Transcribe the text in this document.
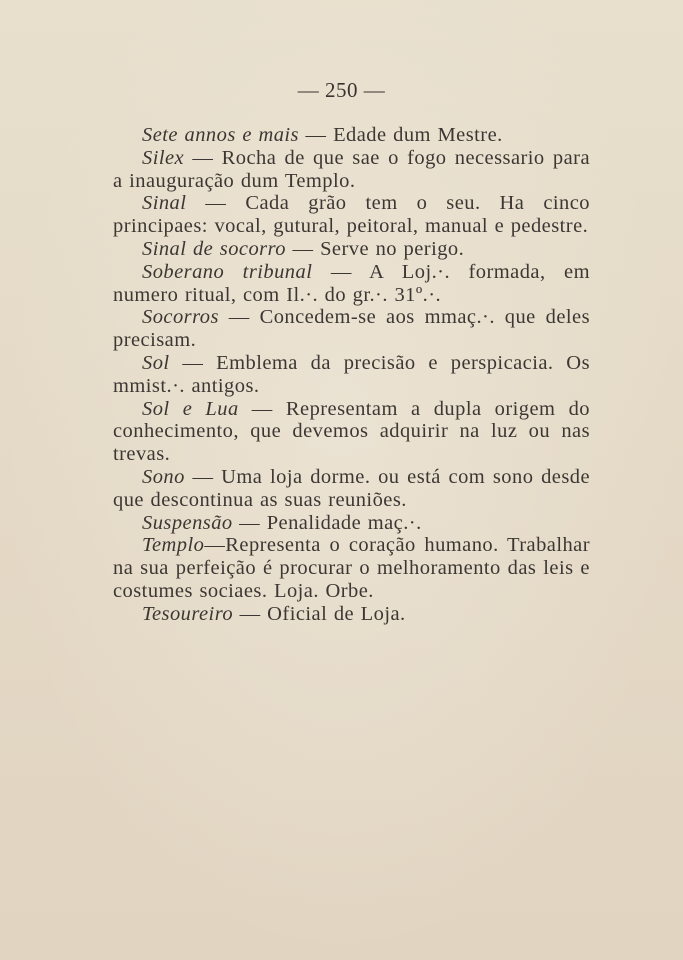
— 250 —

Sete annos e mais — Edade dum Mestre.

Silex — Rocha de que sae o fogo necessario para a inauguração dum Templo.

Sinal — Cada grão tem o seu. Ha cinco principaes: vocal, gutural, peitoral, manual e pedestre.

Sinal de socorro — Serve no perigo.

Soberano tribunal — A Loj.·. formada, em numero ritual, com Il.·. do gr.·. 31º.·.

Socorros — Concedem-se aos mmaç.·. que deles precisam.

Sol — Emblema da precisão e perspicacia. Os mmist.·. antigos.

Sol e Lua — Representam a dupla origem do conhecimento, que devemos adquirir na luz ou nas trevas.

Sono — Uma loja dorme. ou está com sono desde que descontinua as suas reuniões.

Suspensão — Penalidade maç.·.

Templo—Representa o coração humano. Trabalhar na sua perfeição é procurar o melhoramento das leis e costumes sociaes. Loja. Orbe.

Tesoureiro — Oficial de Loja.
